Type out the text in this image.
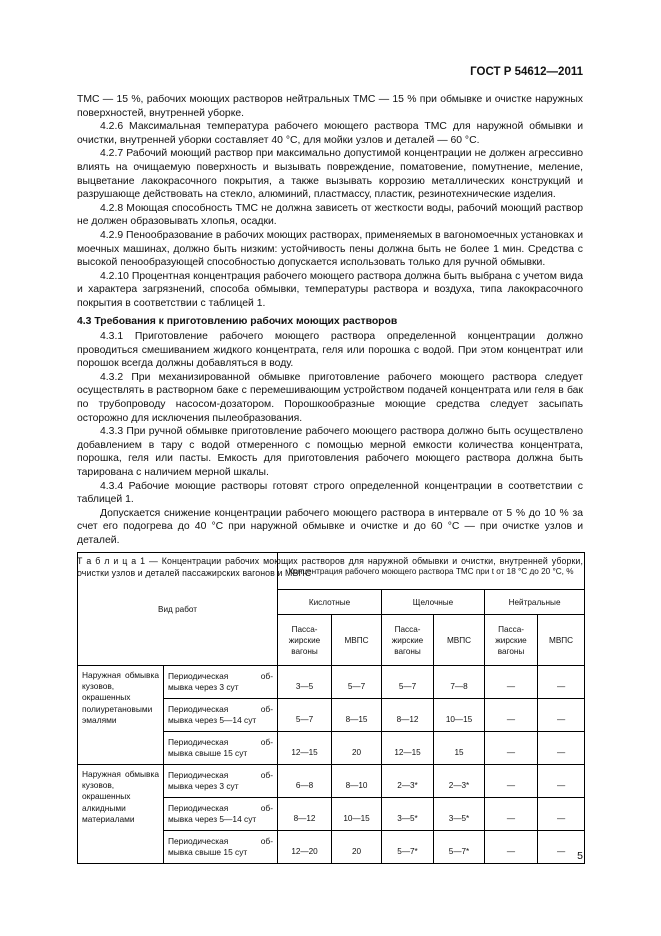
ГОСТ Р 54612—2011

ТМС — 15 %, рабочих моющих растворов нейтральных ТМС — 15 % при обмывке и очистке наружных поверхностей, внутренней уборке.

4.2.6 Максимальная температура рабочего моющего раствора ТМС для наружной обмывки и очистки, внутренней уборки составляет 40 °С, для мойки узлов и деталей — 60 °С.

4.2.7 Рабочий моющий раствор при максимально допустимой концентрации не должен агрессивно влиять на очищаемую поверхность и вызывать повреждение, поматовение, помутнение, меление, выцветание лакокрасочного покрытия, а также вызывать коррозию металлических конструкций и разрушающе действовать на стекло, алюминий, пластмассу, пластик, резинотехнические изделия.

4.2.8 Моющая способность ТМС не должна зависеть от жесткости воды, рабочий моющий раствор не должен образовывать хлопья, осадки.

4.2.9 Пенообразование в рабочих моющих растворах, применяемых в вагономоечных установках и моечных машинах, должно быть низким: устойчивость пены должна быть не более 1 мин. Средства с высокой пенообразующей способностью допускается использовать только для ручной обмывки.

4.2.10 Процентная концентрация рабочего моющего раствора должна быть выбрана с учетом вида и характера загрязнений, способа обмывки, температуры раствора и воздуха, типа лакокрасочного покрытия в соответствии с таблицей 1.

4.3 Требования к приготовлению рабочих моющих растворов

4.3.1 Приготовление рабочего моющего раствора определенной концентрации должно проводиться смешиванием жидкого концентрата, геля или порошка с водой. При этом концентрат или порошок всегда должны добавляться в воду.

4.3.2 При механизированной обмывке приготовление рабочего моющего раствора следует осуществлять в растворном баке с перемешивающим устройством подачей концентрата или геля в бак по трубопроводу насосом-дозатором. Порошкообразные моющие средства следует засыпать осторожно для исключения пылеобразования.

4.3.3 При ручной обмывке приготовление рабочего моющего раствора должно быть осуществлено добавлением в тару с водой отмеренного с помощью мерной емкости количества концентрата, порошка, геля или пасты. Емкость для приготовления рабочего моющего раствора должна быть тарирована с наличием мерной шкалы.

4.3.4 Рабочие моющие растворы готовят строго определенной концентрации в соответствии с таблицей 1.

Допускается снижение концентрации рабочего моющего раствора в интервале от 5 % до 10 % за счет его подогрева до 40 °С при наружной обмывке и очистке и до 60 °С — при очистке узлов и деталей.

Т а б л и ц а 1 — Концентрации рабочих моющих растворов для наружной обмывки и очистки, внутренней уборки, очистки узлов и деталей пассажирских вагонов и МВПС

Вид работ		Концентрация рабочего моющего раствора ТМС при t от 18 °С до 20 °С, %					
		Кислотные		Щелочные		Нейтральные	
		Пасса-жирские вагоны	МВПС	Пасса-жирские вагоны	МВПС	Пасса-жирские вагоны	МВПС
Наружная обмывка кузовов, окрашенных полиуретановыми эмалями	Периодическая об-
мывка через 3 сут	3—5	5—7	5—7	7—8	—	—

	Периодическая об-
мывка через 5—14 сут	5—7	8—15	8—12	10—15	—	—

	Периодическая об-
мывка свыше 15 сут	12—15	20	12—15	15	—	—
Наружная обмывка кузовов, окрашенных алкидными материалами	Периодическая об-
мывка через 3 сут	6—8	8—10	2—3*	2—3*	—	—

	Периодическая об-
мывка через 5—14 сут	8—12	10—15	3—5*	3—5*	—	—

	Периодическая об-
мывка свыше 15 сут	12—20	20	5—7*	5—7*	—	— 5
